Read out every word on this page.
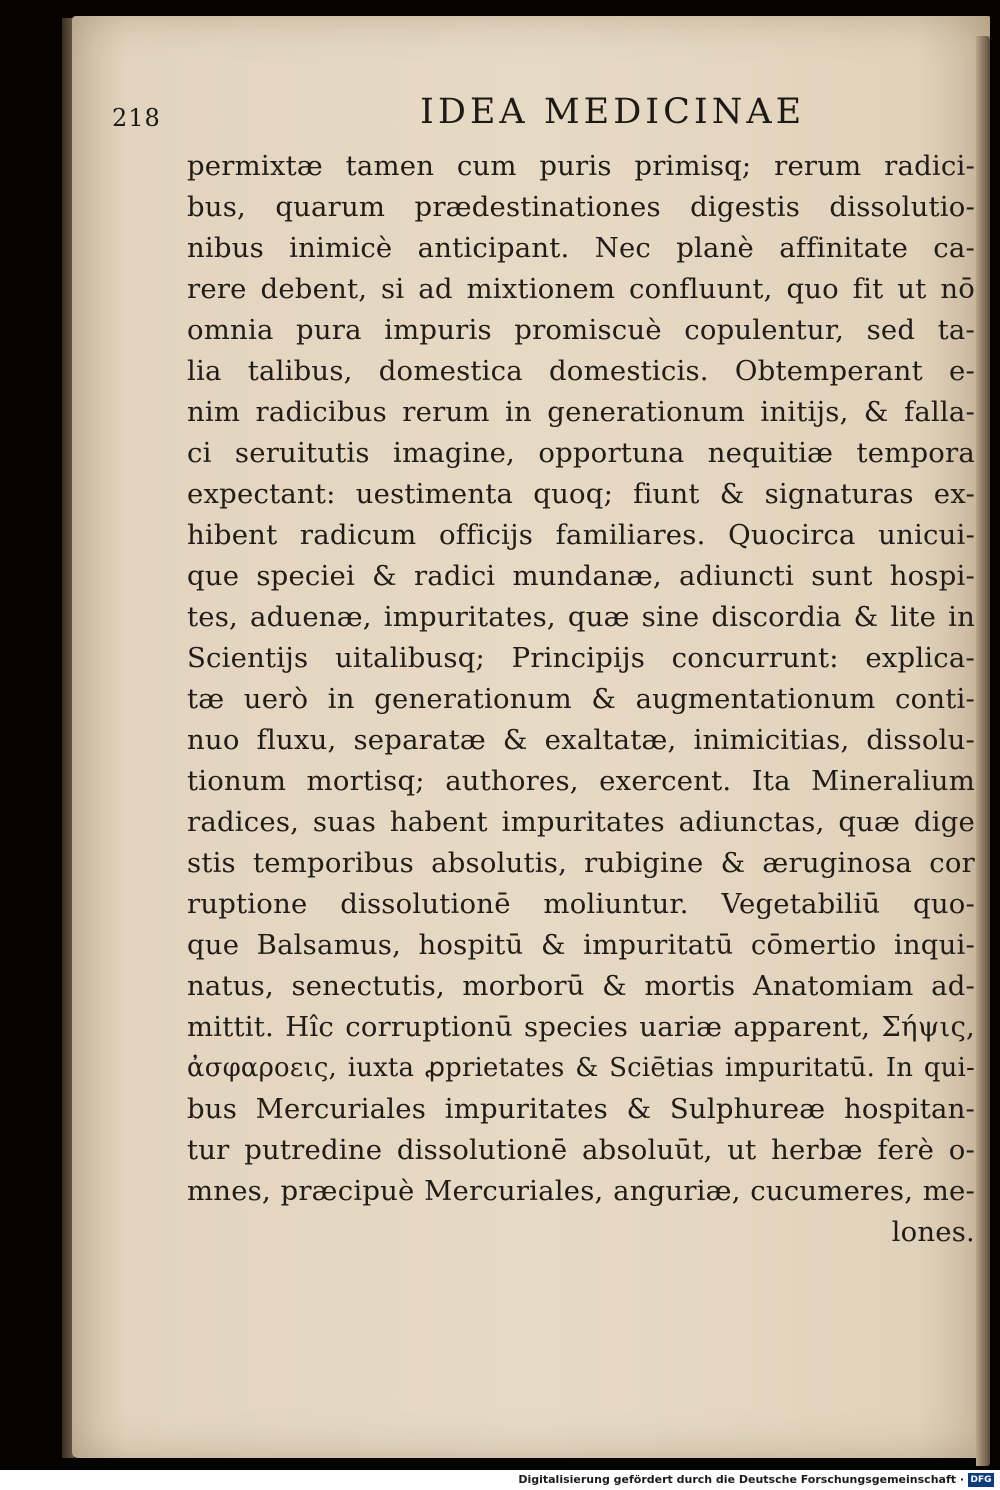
218	IDEA MEDICINAE
permixtæ tamen cum puris primisq; rerum radici-
bus, quarum prædestinationes digestis dissolutio-
nibus inimicè anticipant. Nec planè affinitate ca-
rere debent, si ad mixtionem confluunt, quo fit ut nō
omnia pura impuris promiscuè copulentur, sed ta-
lia talibus, domestica domesticis. Obtemperant e-
nim radicibus rerum in generationum initijs, & falla-
ci seruitutis imagine, opportuna nequitiæ tempora
expectant: uestimenta quoq; fiunt & signaturas ex-
hibent radicum officijs familiares. Quocirca unicui-
que speciei & radici mundanæ, adiuncti sunt hospi-
tes, aduenæ, impuritates, quæ sine discordia & lite in
Scientijs uitalibusq; Principijs concurrunt: explica-
tæ uerò in generationum & augmentationum conti-
nuo fluxu, separatæ & exaltatæ, inimicitias, dissolu-
tionum mortisq; authores, exercent. Ita Mineralium
radices, suas habent impuritates adiunctas, quæ dige
stis temporibus absolutis, rubigine & æruginosa cor
ruptione dissolutionē moliuntur. Vegetabiliū quo-
que Balsamus, hospitū & impuritatū cōmertio inqui-
natus, senectutis, morborū & mortis Anatomiam ad-
mittit. Hîc corruptionū species uariæ apparent, Σήψις,
ἀσφαροεις, iuxta ꝓprietates & Sciētias impuritatū. In qui-
bus Mercuriales impuritates & Sulphureæ hospitan-
tur putredine dissolutionē absoluūt, ut herbæ ferè o-
mnes, præcipuè Mercuriales, anguriæ, cucumeres, me-
lones.
Digitalisierung gefördert durch die Deutsche Forschungsgemeinschaft · DFG
